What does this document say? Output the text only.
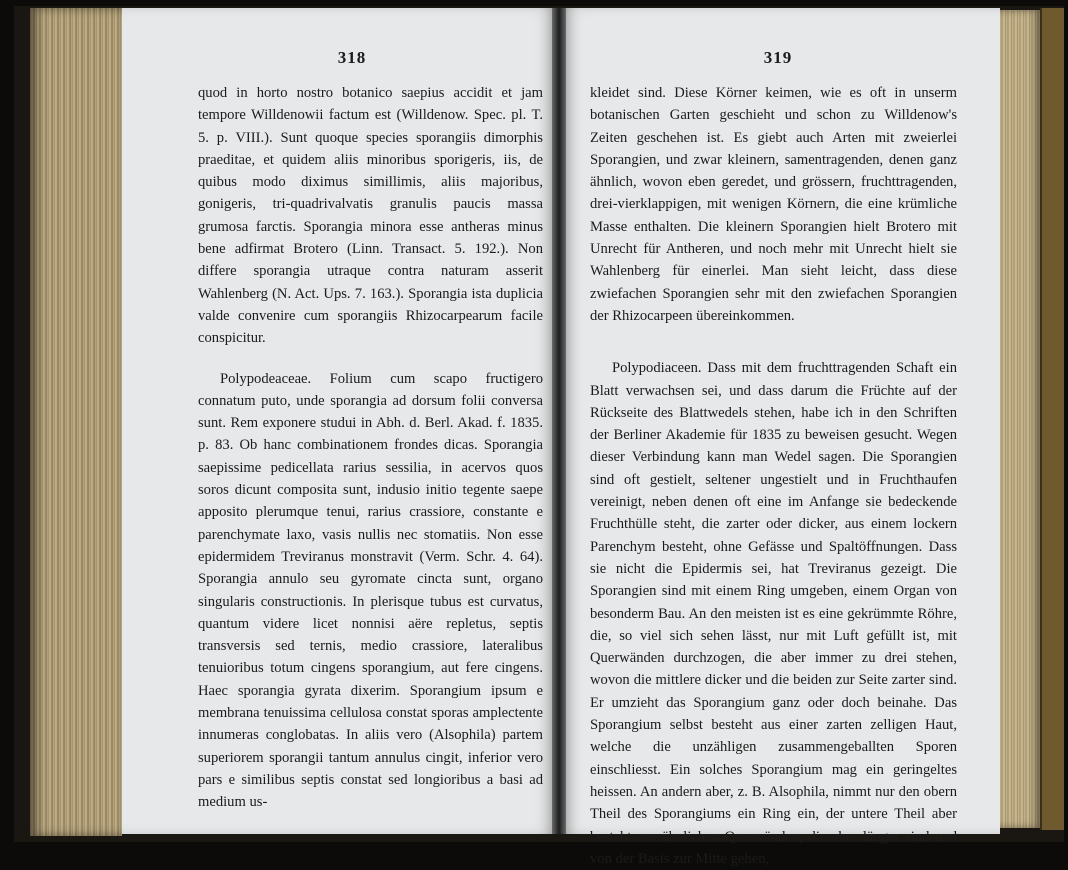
318

quod in horto nostro botanico saepius accidit et jam tempore Willdenowii factum est (Willdenow. Spec. pl. T. 5. p. VIII.). Sunt quoque species sporangiis dimorphis praeditae, et quidem aliis minoribus sporigeris, iis, de quibus modo diximus simillimis, aliis majoribus, gonigeris, tri-quadrivalvatis granulis paucis massa grumosa farctis. Sporangia minora esse antheras minus bene adfirmat Brotero (Linn. Transact. 5. 192.). Non differe sporangia utraque contra naturam asserit Wahlenberg (N. Act. Ups. 7. 163.). Sporangia ista duplicia valde convenire cum sporangiis Rhizocarpearum facile conspicitur.

Polypodeaceae. Folium cum scapo fructigero connatum puto, unde sporangia ad dorsum folii conversa sunt. Rem exponere studui in Abh. d. Berl. Akad. f. 1835. p. 83. Ob hanc combinationem frondes dicas. Sporangia saepissime pedicellata rarius sessilia, in acervos quos soros dicunt composita sunt, indusio initio tegente saepe apposito plerumque tenui, rarius crassiore, constante e parenchymate laxo, vasis nullis nec stomatiis. Non esse epidermidem Treviranus monstravit (Verm. Schr. 4. 64). Sporangia annulo seu gyromate cincta sunt, organo singularis constructionis. In plerisque tubus est curvatus, quantum videre licet nonnisi aëre repletus, septis transversis sed ternis, medio crassiore, lateralibus tenuioribus totum cingens sporangium, aut fere cingens. Haec sporangia gyrata dixerim. Sporangium ipsum e membrana tenuissima cellulosa constat sporas amplectente innumeras conglobatas. In aliis vero (Alsophila) partem superiorem sporangii tantum annulus cingit, inferior vero pars e similibus septis constat sed longioribus a basi ad medium us-

319

kleidet sind. Diese Körner keimen, wie es oft in unserm botanischen Garten geschieht und schon zu Willdenow's Zeiten geschehen ist. Es giebt auch Arten mit zweierlei Sporangien, und zwar kleinern, samentragenden, denen ganz ähnlich, wovon eben geredet, und grössern, fruchttragenden, drei-vierklappigen, mit wenigen Körnern, die eine krümliche Masse enthalten. Die kleinern Sporangien hielt Brotero mit Unrecht für Antheren, und noch mehr mit Unrecht hielt sie Wahlenberg für einerlei. Man sieht leicht, dass diese zwiefachen Sporangien sehr mit den zwiefachen Sporangien der Rhizocarpeen übereinkommen.

Polypodiaceen. Dass mit dem fruchttragenden Schaft ein Blatt verwachsen sei, und dass darum die Früchte auf der Rückseite des Blattwedels stehen, habe ich in den Schriften der Berliner Akademie für 1835 zu beweisen gesucht. Wegen dieser Verbindung kann man Wedel sagen. Die Sporangien sind oft gestielt, seltener ungestielt und in Fruchthaufen vereinigt, neben denen oft eine im Anfange sie bedeckende Fruchthülle steht, die zarter oder dicker, aus einem lockern Parenchym besteht, ohne Gefässe und Spaltöffnungen. Dass sie nicht die Epidermis sei, hat Treviranus gezeigt. Die Sporangien sind mit einem Ring umgeben, einem Organ von besonderm Bau. An den meisten ist es eine gekrümmte Röhre, die, so viel sich sehen lässt, nur mit Luft gefüllt ist, mit Querwänden durchzogen, die aber immer zu drei stehen, wovon die mittlere dicker und die beiden zur Seite zarter sind. Er umzieht das Sporangium ganz oder doch beinahe. Das Sporangium selbst besteht aus einer zarten zelligen Haut, welche die unzähligen zusammengeballten Sporen einschliesst. Ein solches Sporangium mag ein geringeltes heissen. An andern aber, z. B. Alsophila, nimmt nur den obern Theil des Sporangiums ein Ring ein, der untere Theil aber besteht aus ähnlichen Querwänden, die aber länger sind und von der Basis zur Mitte gehen,
